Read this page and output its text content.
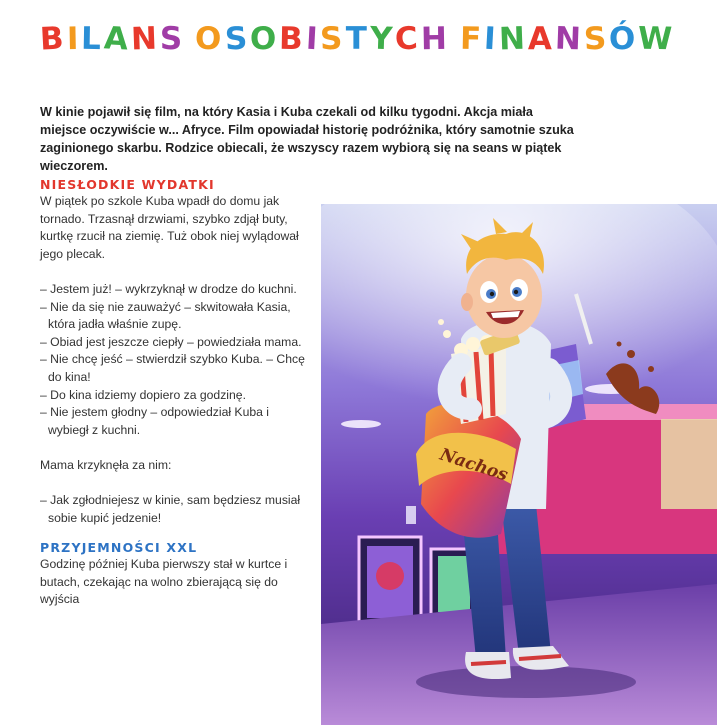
BILANS OSOBISTYCH FINANSÓW

W kinie pojawił się film, na który Kasia i Kuba czekali od kilku tygodni. Akcja miała miejsce oczywiście w... Afryce. Film opowiadał historię podróżnika, który samotnie szuka zaginionego skarbu. Rodzice obiecali, że wszyscy razem wybiorą się na seans w piątek wieczorem.

NIESŁODKIE WYDATKI

W piątek po szkole Kuba wpadł do domu jak tornado. Trzasnął drzwiami, szybko zdjął buty, kurtkę rzucił na ziemię. Tuż obok niej wylądował jego plecak.

– Jestem już! – wykrzyknął w drodze do kuchni.

– Nie da się nie zauważyć – skwitowała Kasia, która jadła właśnie zupę.

– Obiad jest jeszcze ciepły – powiedziała mama.

– Nie chcę jeść – stwierdził szybko Kuba. – Chcę do kina!

– Do kina idziemy dopiero za godzinę.

– Nie jestem głodny – odpowiedział Kuba i wybiegł z kuchni.

Mama krzyknęła za nim:

– Jak zgłodniejesz w kinie, sam będziesz musiał sobie kupić jedzenie!

PRZYJEMNOŚCI XXL

Godzinę później Kuba pierwszy stał w kurtce i butach, czekając na wolno zbierającą się do wyjścia

Nachos
